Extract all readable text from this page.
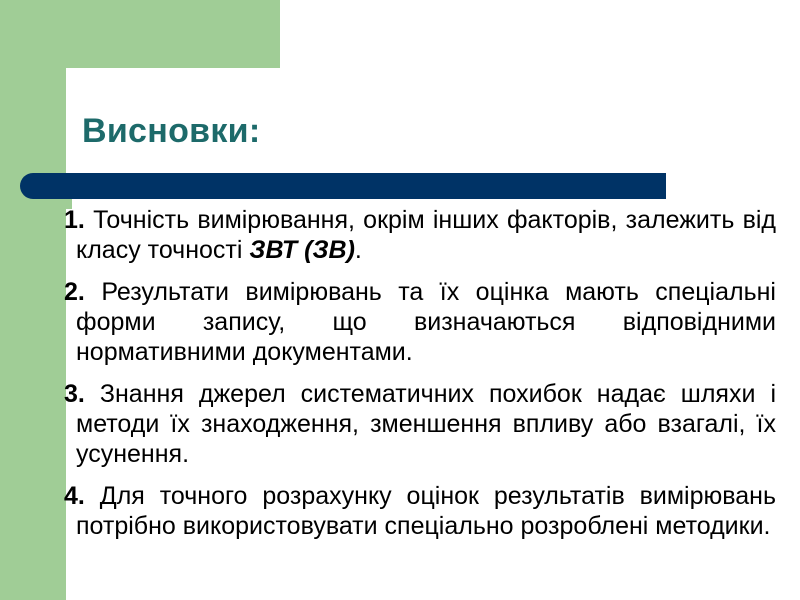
Висновки:

1. Точність вимірювання, окрім інших факторів, залежить від класу точності ЗВТ (ЗВ).

2. Результати вимірювань та їх оцінка мають спеціальні форми запису, що визначаються відповідними нормативними документами.

3. Знання джерел систематичних похибок надає шляхи і методи їх знаходження, зменшення впливу або взагалі, їх усунення.

4. Для точного розрахунку оцінок результатів вимірювань потрібно використовувати спеціально розроблені методики.
